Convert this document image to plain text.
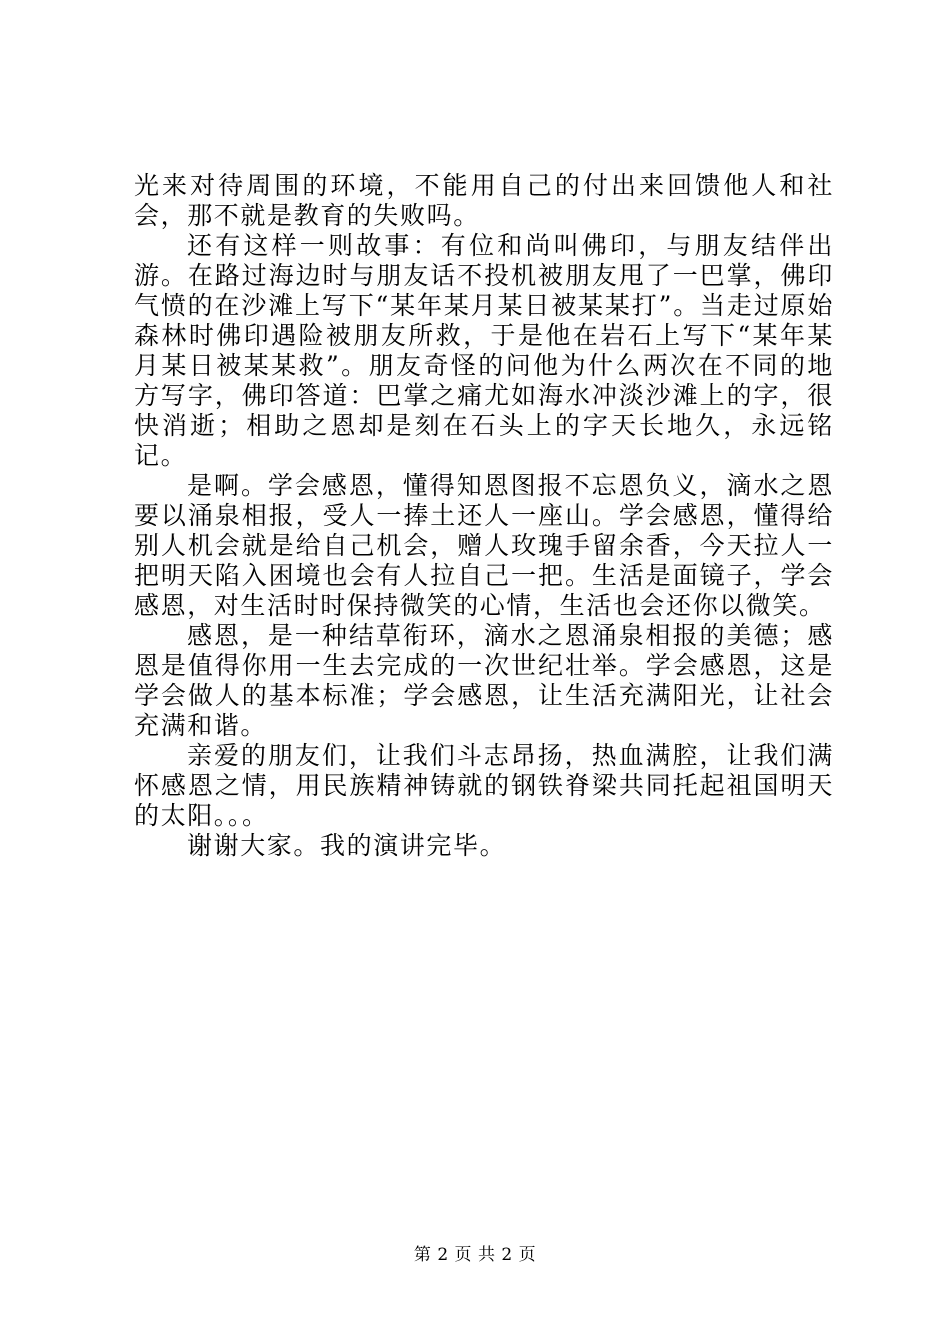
光来对待周围的环境，不能用自己的付出来回馈他人和社会，那不就是教育的失败吗。

还有这样一则故事：有位和尚叫佛印，与朋友结伴出游。在路过海边时与朋友话不投机被朋友甩了一巴掌，佛印气愤的在沙滩上写下“某年某月某日被某某打”。当走过原始森林时佛印遇险被朋友所救，于是他在岩石上写下“某年某月某日被某某救”。朋友奇怪的问他为什么两次在不同的地方写字，佛印答道：巴掌之痛尤如海水冲淡沙滩上的字，很快消逝；相助之恩却是刻在石头上的字天长地久，永远铭记。

是啊。学会感恩，懂得知恩图报不忘恩负义，滴水之恩要以涌泉相报，受人一捧土还人一座山。学会感恩，懂得给别人机会就是给自己机会，赠人玫瑰手留余香，今天拉人一把明天陷入困境也会有人拉自己一把。生活是面镜子，学会感恩，对生活时时保持微笑的心情，生活也会还你以微笑。

感恩，是一种结草衔环，滴水之恩涌泉相报的美德；感恩是值得你用一生去完成的一次世纪壮举。学会感恩，这是学会做人的基本标准；学会感恩，让生活充满阳光，让社会充满和谐。

亲爱的朋友们，让我们斗志昂扬，热血满腔，让我们满怀感恩之情，用民族精神铸就的钢铁脊梁共同托起祖国明天的太阳。。。

谢谢大家。我的演讲完毕。

第 2 页 共 2 页
